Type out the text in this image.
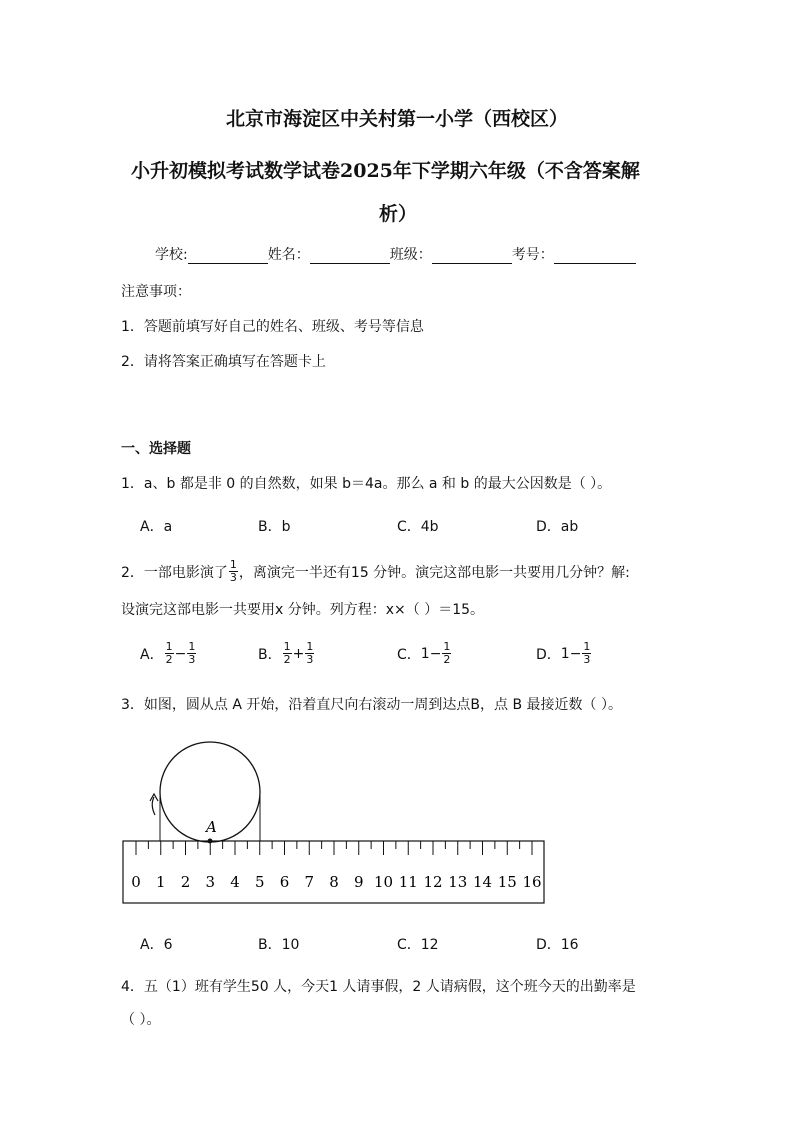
北京市海淀区中关村第一小学（西校区）
小升初模拟考试数学试卷2025年下学期六年级（不含答案解
析）
学校:	姓名：	班级：	考号：
注意事项：
1．答题前填写好自己的姓名、班级、考号等信息
2．请将答案正确填写在答题卡上
一、选择题
1．a、b 都是非 0 的自然数，如果 b＝4a。那么 a 和 b 的最大公因数是（ ）。
A．a	B．b	C．4b	D．ab
2．一部电影演了 $\frac{1}{3}$ ，离演完一半还有15 分钟。演完这部电影一共要用几分钟？解:
设演完这部电影一共要用x 分钟。列方程：x×（ ）＝15。
A． $\frac{1}{2} - \frac{1}{3}$	B． $\frac{1}{2} + \frac{1}{3}$	C． $1- \frac{1}{2}$	D． $1- \frac{1}{3}$
3．如图，圆从点 A 开始，沿着直尺向右滚动一周到达点B，点 B 最接近数（ ）。
A
0 1 2 3 4 5 6 7 8 9 10 11 12 13 14 15 16
A．6	B．10	C．12	D．16
4．五（1）班有学生50 人，今天1 人请事假，2 人请病假，这个班今天的出勤率是
（ ）。
